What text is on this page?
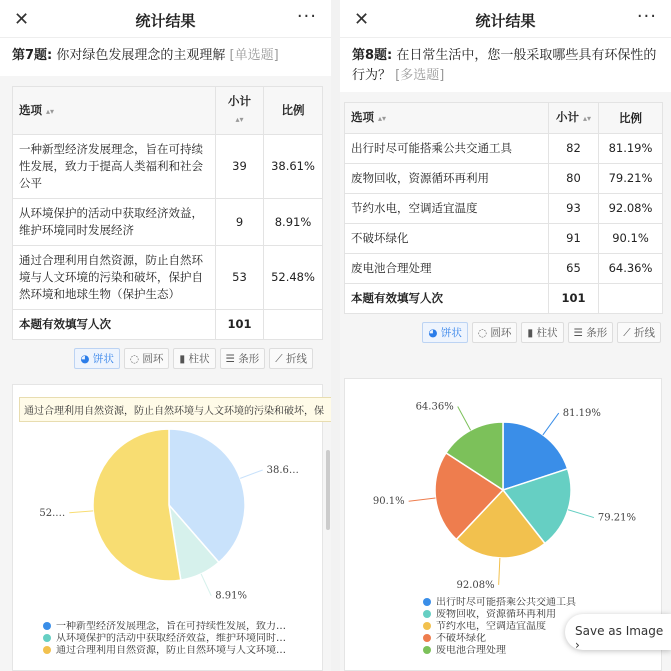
✕	统计结果	···
第7题: 你对绿色发展理念的主观理解 [单选题]
选项 ▴▾	小计 ▴▾	比例
一种新型经济发展理念，旨在可持续性发展，致力于提高人类福利和社会公平	39	38.61%
从环境保护的活动中获取经济效益，维护环境同时发展经济	9	8.91%
通过合理利用自然资源，防止自然环境与人文环境的污染和破坏，保护自然环境和地球生物（保护生态）	53	52.48%
本题有效填写人次	101	
◕ 饼状	◌ 圆环	▮ 柱状	☰ 条形	⟋ 折线
38.6…
8.91%
52.…
通过合理利用自然资源，防止自然环境与人文环境的污染和破坏，保
一种新型经济发展理念，旨在可持续性发展，致力…
从环境保护的活动中获取经济效益，维护环境同时…
通过合理利用自然资源，防止自然环境与人文环境…
✕	统计结果	···
第8题: 在日常生活中，您一般采取哪些具有环保性的行为？ [多选题]
选项 ▴▾	小计 ▴▾	比例
出行时尽可能搭乘公共交通工具	82	81.19%
废物回收，资源循环再利用	80	79.21%
节约水电，空调适宜温度	93	92.08%
不破坏绿化	91	90.1%
废电池合理处理	65	64.36%
本题有效填写人次	101	
◕ 饼状	◌ 圆环	▮ 柱状	☰ 条形	⟋ 折线
81.19%
79.21%
92.08%
90.1%
64.36%
出行时尽可能搭乘公共交通工具
废物回收，资源循环再利用
节约水电，空调适宜温度
不破坏绿化
废电池合理处理
Save as Image ›
